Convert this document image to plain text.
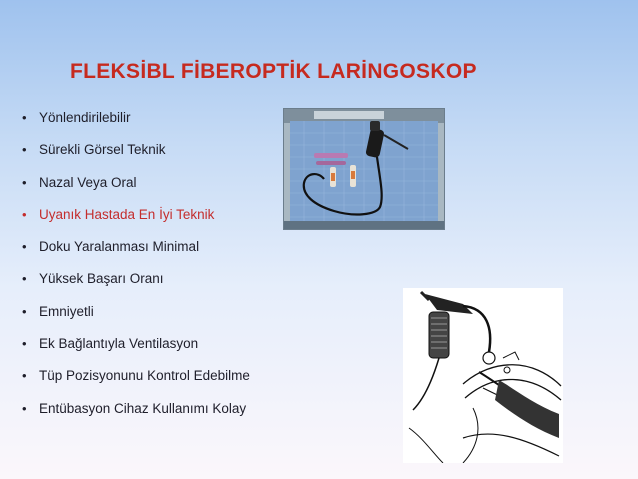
FLEKSİBL FİBEROPTİK LARİNGOSKOP
• Yönlendirilebilir
• Sürekli Görsel Teknik
• Nazal Veya Oral
• Uyanık Hastada En İyi Teknik
• Doku Yaralanması Minimal
• Yüksek Başarı Oranı
• Emniyetli
• Ek Bağlantıyla Ventilasyon
• Tüp Pozisyonunu Kontrol Edebilme
• Entübasyon Cihaz Kullanımı Kolay
